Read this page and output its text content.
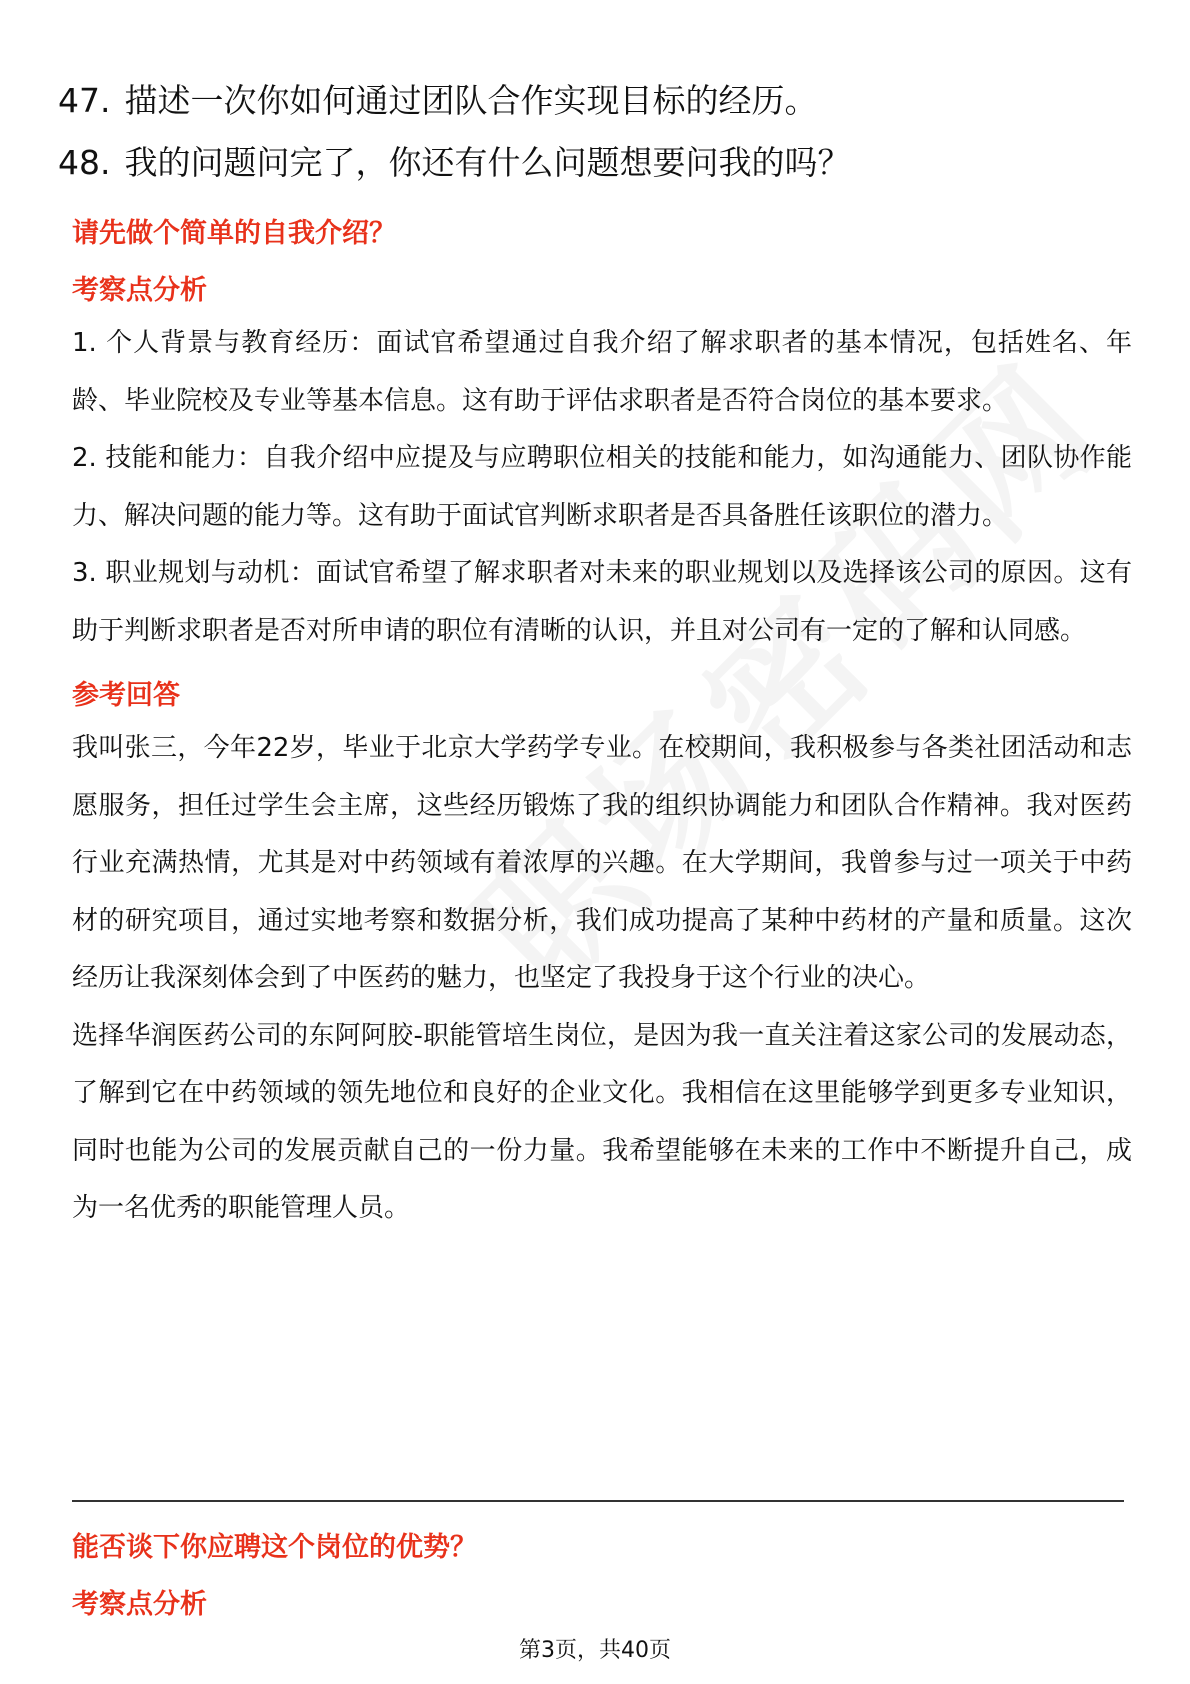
47. 描述一次你如何通过团队合作实现目标的经历。
48. 我的问题问完了，你还有什么问题想要问我的吗？
请先做个简单的自我介绍？
考察点分析
1. 个人背景与教育经历：面试官希望通过自我介绍了解求职者的基本情况，包括姓名、年龄、毕业院校及专业等基本信息。这有助于评估求职者是否符合岗位的基本要求。
2. 技能和能力：自我介绍中应提及与应聘职位相关的技能和能力，如沟通能力、团队协作能力、解决问题的能力等。这有助于面试官判断求职者是否具备胜任该职位的潜力。
3. 职业规划与动机：面试官希望了解求职者对未来的职业规划以及选择该公司的原因。这有助于判断求职者是否对所申请的职位有清晰的认识，并且对公司有一定的了解和认同感。
参考回答
我叫张三，今年22岁，毕业于北京大学药学专业。在校期间，我积极参与各类社团活动和志愿服务，担任过学生会主席，这些经历锻炼了我的组织协调能力和团队合作精神。我对医药行业充满热情，尤其是对中药领域有着浓厚的兴趣。在大学期间，我曾参与过一项关于中药材的研究项目，通过实地考察和数据分析，我们成功提高了某种中药材的产量和质量。这次经历让我深刻体会到了中医药的魅力，也坚定了我投身于这个行业的决心。
选择华润医药公司的东阿阿胶-职能管培生岗位，是因为我一直关注着这家公司的发展动态，了解到它在中药领域的领先地位和良好的企业文化。我相信在这里能够学到更多专业知识，同时也能为公司的发展贡献自己的一份力量。我希望能够在未来的工作中不断提升自己，成为一名优秀的职能管理人员。
能否谈下你应聘这个岗位的优势？
考察点分析
第3页，共40页
